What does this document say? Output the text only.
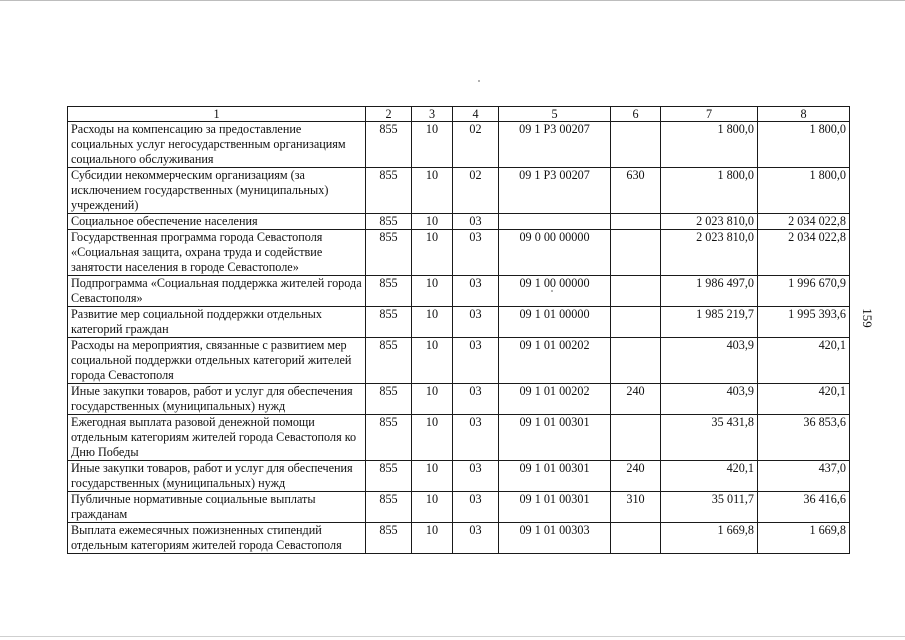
159
1	2	3	4	5	6	7	8
Расходы на компенсацию за предоставление социальных услуг негосударственным организациям социального обслуживания	855	10	02	09 1 Р3 00207		1 800,0	1 800,0
Субсидии некоммерческим организациям (за исключением государственных (муниципальных) учреждений)	855	10	02	09 1 Р3 00207	630	1 800,0	1 800,0
Социальное обеспечение населения	855	10	03			2 023 810,0	2 034 022,8
Государственная программа города Севастополя «Социальная защита, охрана труда и содействие занятости населения в городе Севастополе»	855	10	03	09 0 00 00000		2 023 810,0	2 034 022,8
Подпрограмма «Социальная поддержка жителей города Севастополя»	855	10	03	09 1 00 00000		1 986 497,0	1 996 670,9
Развитие мер социальной поддержки отдельных категорий граждан	855	10	03	09 1 01 00000		1 985 219,7	1 995 393,6
Расходы на мероприятия, связанные с развитием мер социальной поддержки отдельных категорий жителей города Севастополя	855	10	03	09 1 01 00202		403,9	420,1
Иные закупки товаров, работ и услуг для обеспечения государственных (муниципальных) нужд	855	10	03	09 1 01 00202	240	403,9	420,1
Ежегодная выплата разовой денежной помощи отдельным категориям жителей города Севастополя ко Дню Победы	855	10	03	09 1 01 00301		35 431,8	36 853,6
Иные закупки товаров, работ и услуг для обеспечения государственных (муниципальных) нужд	855	10	03	09 1 01 00301	240	420,1	437,0
Публичные нормативные социальные выплаты гражданам	855	10	03	09 1 01 00301	310	35 011,7	36 416,6
Выплата ежемесячных пожизненных стипендий отдельным категориям жителей города Севастополя	855	10	03	09 1 01 00303		1 669,8	1 669,8
